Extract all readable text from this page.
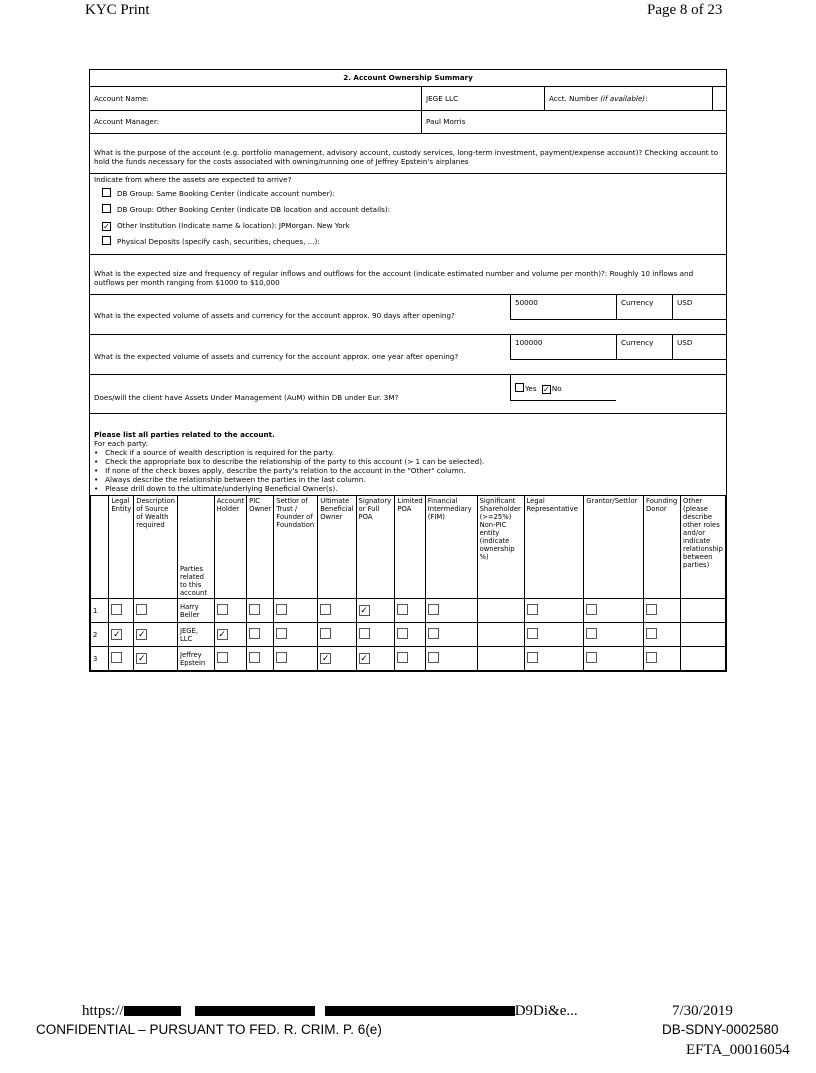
KYC Print	Page 8 of 23
2. Account Ownership Summary
Account Name:	JEGE LLC	Acct. Number (if available):
Account Manager:	Paul Morris
What is the purpose of the account (e.g. portfolio management, advisory account, custody services, long-term investment, payment/expense account)? Checking account to hold the funds necessary for the costs associated with owning/running one of Jeffrey Epstein's airplanes
Indicate from where the assets are expected to arrive?
DB Group: Same Booking Center (indicate account number):
DB Group: Other Booking Center (indicate DB location and account details):
✓ Other Institution (Indicate name & location): JPMorgan. New York
Physical Deposits (specify cash, securities, cheques, ...):
What is the expected size and frequency of regular inflows and outflows for the account (indicate estimated number and volume per month)?: Roughly 10 inflows and outflows per month ranging from $1000 to $10,000
What is the expected volume of assets and currency for the account approx. 90 days after opening?
50000	Currency	USD
What is the expected volume of assets and currency for the account approx. one year after opening?
100000	Currency	USD
Does/will the client have Assets Under Management (AuM) within DB under Eur. 3M?
Yes ✓ No
Please list all parties related to the account.
For each party:
•   Check if a source of wealth description is required for the party.
•   Check the appropriate box to describe the relationship of the party to this account (> 1 can be selected).
•   If none of the check boxes apply, describe the party's relation to the account in the "Other" column.
•   Always describe the relationship between the parties in the last column.
•   Please drill down to the ultimate/underlying Beneficial Owner(s).
	Legal Entity	Description of Source of Wealth required	Parties related to this account	Account Holder	PIC Owner	Settlor of Trust / Founder of Foundation	Ultimate Beneficial Owner	Signatory or Full POA	Limited POA	Financial Intermediary (FIM)	Significant Shareholder (>=25%) Non-PIC entity (indicate ownership %)	Legal Representative	Grantor/Settlor	Founding Donor	Other (please describe other roles and/or indicate relationship between parties)
1			Harry Beller					✓							
2	✓	✓	JEGE, LLC	✓											
3		✓	Jeffrey Epstein				✓	✓							
https://	D9Di&e...	7/30/2019
CONFIDENTIAL – PURSUANT TO FED. R. CRIM. P. 6(e)	DB-SDNY-0002580
EFTA_00016054
